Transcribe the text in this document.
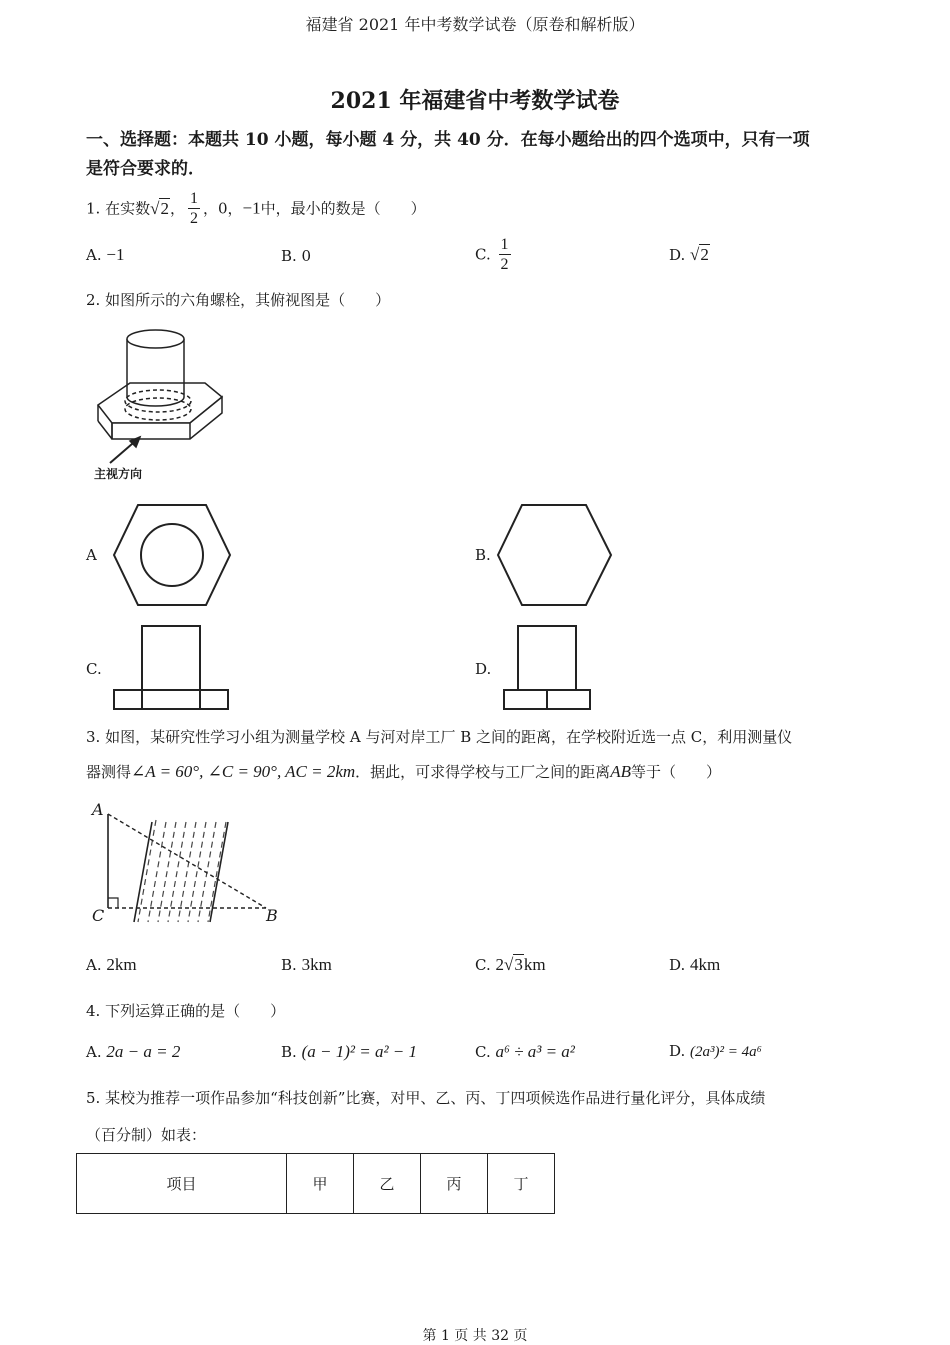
福建省 2021 年中考数学试卷（原卷和解析版）
2021 年福建省中考数学试卷
一、选择题：本题共 10 小题，每小题 4 分，共 40 分．在每小题给出的四个选项中，只有一项
是符合要求的．
1. 在实数√2， $\frac{1}{2}$ ，0，−1中，最小的数是（　　）
A. −1	B. 0	C. $\frac{1}{2}$	D. √2
2. 如图所示的六角螺栓，其俯视图是（　　）
主视方向
A	B.
C.	D.
3. 如图，某研究性学习小组为测量学校 A 与河对岸工厂 B 之间的距离，在学校附近选一点 C，利用测量仪
器测得∠A = 60°, ∠C = 90°, AC = 2km．据此，可求得学校与工厂之间的距离AB等于（　　）
A
B
C
A. 2km	B. 3km	C. 2√3km	D. 4km
4. 下列运算正确的是（　　）
A. 2a − a = 2	B. (a − 1)² = a² − 1	C. a⁶ ÷ a³ = a²	D. (2a³)² = 4a⁶
5. 某校为推荐一项作品参加“科技创新”比赛，对甲、乙、丙、丁四项候选作品进行量化评分，具体成绩
（百分制）如表：
项目	甲	乙	丙	丁
第 1 页 共 32 页
